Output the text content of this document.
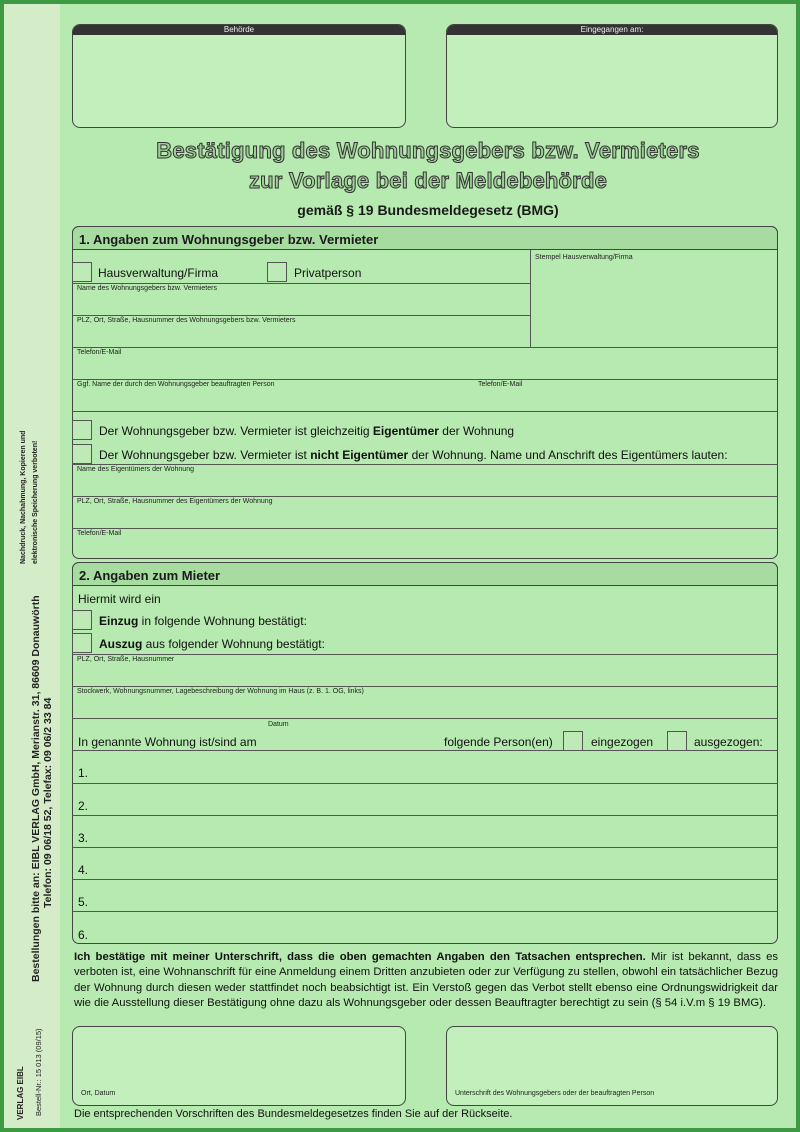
Nachdruck, Nachahmung, Kopieren und elektronische Speicherung verboten!
Bestellungen bitte an: EIBL VERLAG GmbH, Merianstr. 31, 86609 Donauwörth Telefon: 09 06/18 52, Telefax: 09 06/2 33 84
Bestell-Nr.: 15 013 (09/15)
VERLAG EIBL
Behörde	Eingegangen am:
Bestätigung des Wohnungsgebers bzw. Vermieters
zur Vorlage bei der Meldebehörde
gemäß § 19 Bundesmeldegesetz (BMG)
1. Angaben zum Wohnungsgeber bzw. Vermieter
Stempel Hausverwaltung/Firma
Hausverwaltung/Firma	Privatperson
Name des Wohnungsgebers bzw. Vermieters
PLZ, Ort, Straße, Hausnummer des Wohnungsgebers bzw. Vermieters
Telefon/E-Mail
Ggf. Name der durch den Wohnungsgeber beauftragten Person	Telefon/E-Mail
Der Wohnungsgeber bzw. Vermieter ist gleichzeitig Eigentümer der Wohnung
Der Wohnungsgeber bzw. Vermieter ist nicht Eigentümer der Wohnung. Name und Anschrift des Eigentümers lauten:
Name des Eigentümers der Wohnung
PLZ, Ort, Straße, Hausnummer des Eigentümers der Wohnung
Telefon/E-Mail
2. Angaben zum Mieter
Hiermit wird ein
Einzug in folgende Wohnung bestätigt:
Auszug aus folgender Wohnung bestätigt:
PLZ, Ort, Straße, Hausnummer
Stockwerk, Wohnungsnummer, Lagebeschreibung der Wohnung im Haus (z. B. 1. OG, links)
Datum
In genannte Wohnung ist/sind am	folgende Person(en)	eingezogen	ausgezogen:
1.
2.
3.
4.
5.
6.
Ich bestätige mit meiner Unterschrift, dass die oben gemachten Angaben den Tatsachen entsprechen. Mir ist bekannt, dass es verboten ist, eine Wohnanschrift für eine Anmeldung einem Dritten anzubieten oder zur Verfügung zu stellen, obwohl ein tatsächlicher Bezug der Wohnung durch diesen weder stattfindet noch beabsichtigt ist. Ein Verstoß gegen das Verbot stellt ebenso eine Ordnungswidrigkeit dar wie die Ausstellung dieser Bestätigung ohne dazu als Wohnungsgeber oder dessen Beauftragter berechtigt zu sein (§ 54 i.V.m § 19 BMG).
Ort, Datum	Unterschrift des Wohnungsgebers oder der beauftragten Person
Die entsprechenden Vorschriften des Bundesmeldegesetzes finden Sie auf der Rückseite.
